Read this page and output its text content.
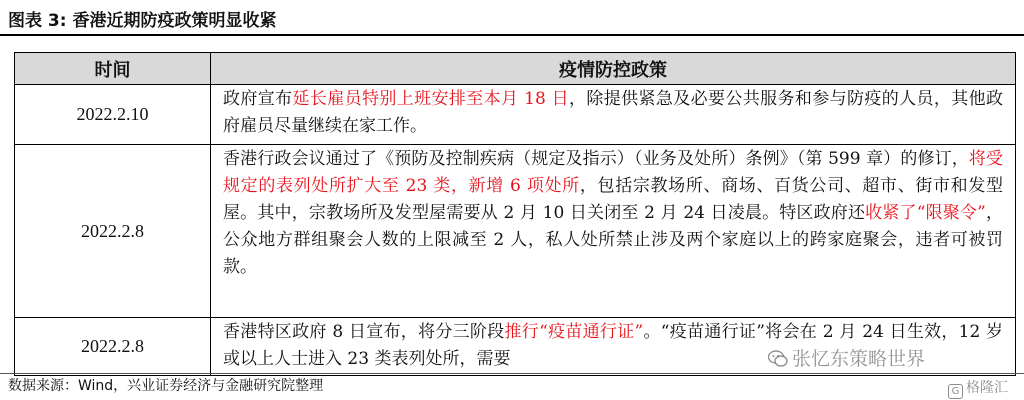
图表 3: 香港近期防疫政策明显收紧
时间	疫情防控政策
2022.2.10	政府宣布延长雇员特别上班安排至本月 18 日，除提供紧急及必要公共服务和参与防疫的人员，其他政府雇员尽量继续在家工作。
2022.2.8	香港行政会议通过了《预防及控制疾病（规定及指示）（业务及处所）条例》（第 599 章）的修订，将受规定的表列处所扩大至 23 类，新增 6 项处所，包括宗教场所、商场、百货公司、超市、街市和发型屋。其中，宗教场所及发型屋需要从 2 月 10 日关闭至 2 月 24 日凌晨。特区政府还收紧了“限聚令”，公众地方群组聚会人数的上限减至 2 人，私人处所禁止涉及两个家庭以上的跨家庭聚会，违者可被罚款。
2022.2.8	香港特区政府 8 日宣布，将分三阶段推行“疫苗通行证”。“疫苗通行证”将会在 2 月 24 日生效，12 岁或以上人士进入 23 类表列处所，需要	张忆东策略世界
数据来源：Wind，兴业证券经济与金融研究院整理	G 格隆汇
